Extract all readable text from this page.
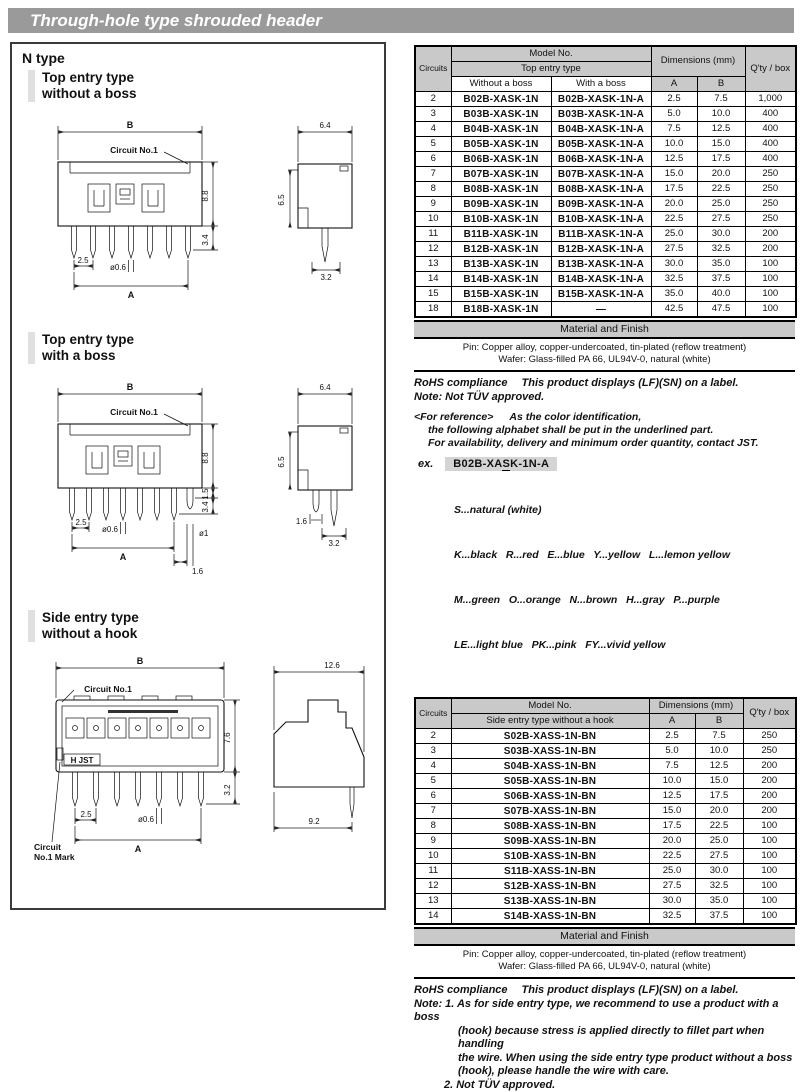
Through-hole type shrouded header
N type
Top entry type
without a boss
B
Circuit No.1
8.8
3.4
2.5
ø0.6
A
6.4
6.5
3.2
Top entry type
with a boss
B
Circuit No.1
8.8
1.5
3.4
2.5
ø0.6
A
ø1
1.6
6.4
6.5
1.6
3.2
Side entry type
without a hook
B
Circuit No.1
H JST
7.6
3.2
2.5
ø0.6
A
Circuit
No.1 Mark
12.6
9.2
Circuits	Model No.		Dimensions (mm)		Q'ty / box
	Top entry type				
	Without a boss	With a boss	A	B	
2	B02B-XASK-1N	B02B-XASK-1N-A	2.5	7.5	1,000
3	B03B-XASK-1N	B03B-XASK-1N-A	5.0	10.0	400
4	B04B-XASK-1N	B04B-XASK-1N-A	7.5	12.5	400
5	B05B-XASK-1N	B05B-XASK-1N-A	10.0	15.0	400
6	B06B-XASK-1N	B06B-XASK-1N-A	12.5	17.5	400
7	B07B-XASK-1N	B07B-XASK-1N-A	15.0	20.0	250
8	B08B-XASK-1N	B08B-XASK-1N-A	17.5	22.5	250
9	B09B-XASK-1N	B09B-XASK-1N-A	20.0	25.0	250
10	B10B-XASK-1N	B10B-XASK-1N-A	22.5	27.5	250
11	B11B-XASK-1N	B11B-XASK-1N-A	25.0	30.0	200
12	B12B-XASK-1N	B12B-XASK-1N-A	27.5	32.5	200
13	B13B-XASK-1N	B13B-XASK-1N-A	30.0	35.0	100
14	B14B-XASK-1N	B14B-XASK-1N-A	32.5	37.5	100
15	B15B-XASK-1N	B15B-XASK-1N-A	35.0	40.0	100
18	B18B-XASK-1N	—	42.5	47.5	100
Material and Finish
Pin: Copper alloy, copper-undercoated, tin-plated (reflow treatment)
Wafer: Glass-filled PA 66, UL94V-0, natural (white)
RoHS compliance This product displays (LF)(SN) on a label.
Note: Not TÜV approved.
<For reference> As the color identification,
the following alphabet shall be put in the underlined part.
For availability, delivery and minimum order quantity, contact JST.
ex. B02B-XASK-1N-A

S...natural (white)

K...black   R...red   E...blue   Y...yellow   L...lemon yellow

M...green   O...orange   N...brown   H...gray   P...purple

LE...light blue   PK...pink   FY...vivid yellow

Circuits	Model No.	Dimensions (mm)		Q'ty / box
	Side entry type without a hook	A	B	
2	S02B-XASS-1N-BN	2.5	7.5	250
3	S03B-XASS-1N-BN	5.0	10.0	250
4	S04B-XASS-1N-BN	7.5	12.5	200
5	S05B-XASS-1N-BN	10.0	15.0	200
6	S06B-XASS-1N-BN	12.5	17.5	200
7	S07B-XASS-1N-BN	15.0	20.0	200
8	S08B-XASS-1N-BN	17.5	22.5	100
9	S09B-XASS-1N-BN	20.0	25.0	100
10	S10B-XASS-1N-BN	22.5	27.5	100
11	S11B-XASS-1N-BN	25.0	30.0	100
12	S12B-XASS-1N-BN	27.5	32.5	100
13	S13B-XASS-1N-BN	30.0	35.0	100
14	S14B-XASS-1N-BN	32.5	37.5	100
Material and Finish
Pin: Copper alloy, copper-undercoated, tin-plated (reflow treatment)
Wafer: Glass-filled PA 66, UL94V-0, natural (white)
RoHS compliance This product displays (LF)(SN) on a label.
Note: 1. As for side entry type, we recommend to use a product with a boss
(hook) because stress is applied directly to fillet part when handling
the wire. When using the side entry type product without a boss
(hook), please handle the wire with care.
2. Not TÜV approved.
